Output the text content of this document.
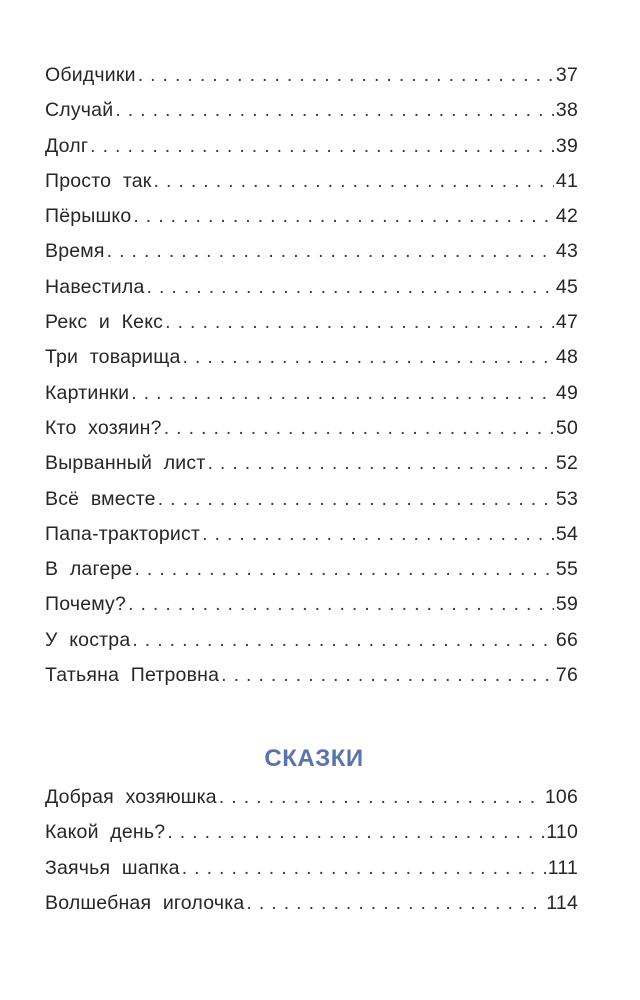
Обидчики . . .	37
Случай . . .	38
Долг . . .	39
Просто так . . .	41
Пёрышко . . .	42
Время . . .	43
Навестила . . .	45
Рекс и Кекс . . .	47
Три товарища . . .	48
Картинки . . .	49
Кто хозяин? . . .	50
Вырванный лист . . .	52
Всё вместе . . .	53
Папа-тракторист . . .	54
В лагере . . .	55
Почему? . . .	59
У костра . . .	66
Татьяна Петровна . . .	76
СКАЗКИ
Добрая хозяюшка . . .	106
Какой день? . . .	110
Заячья шапка . . .	111
Волшебная иголочка . . .	114
